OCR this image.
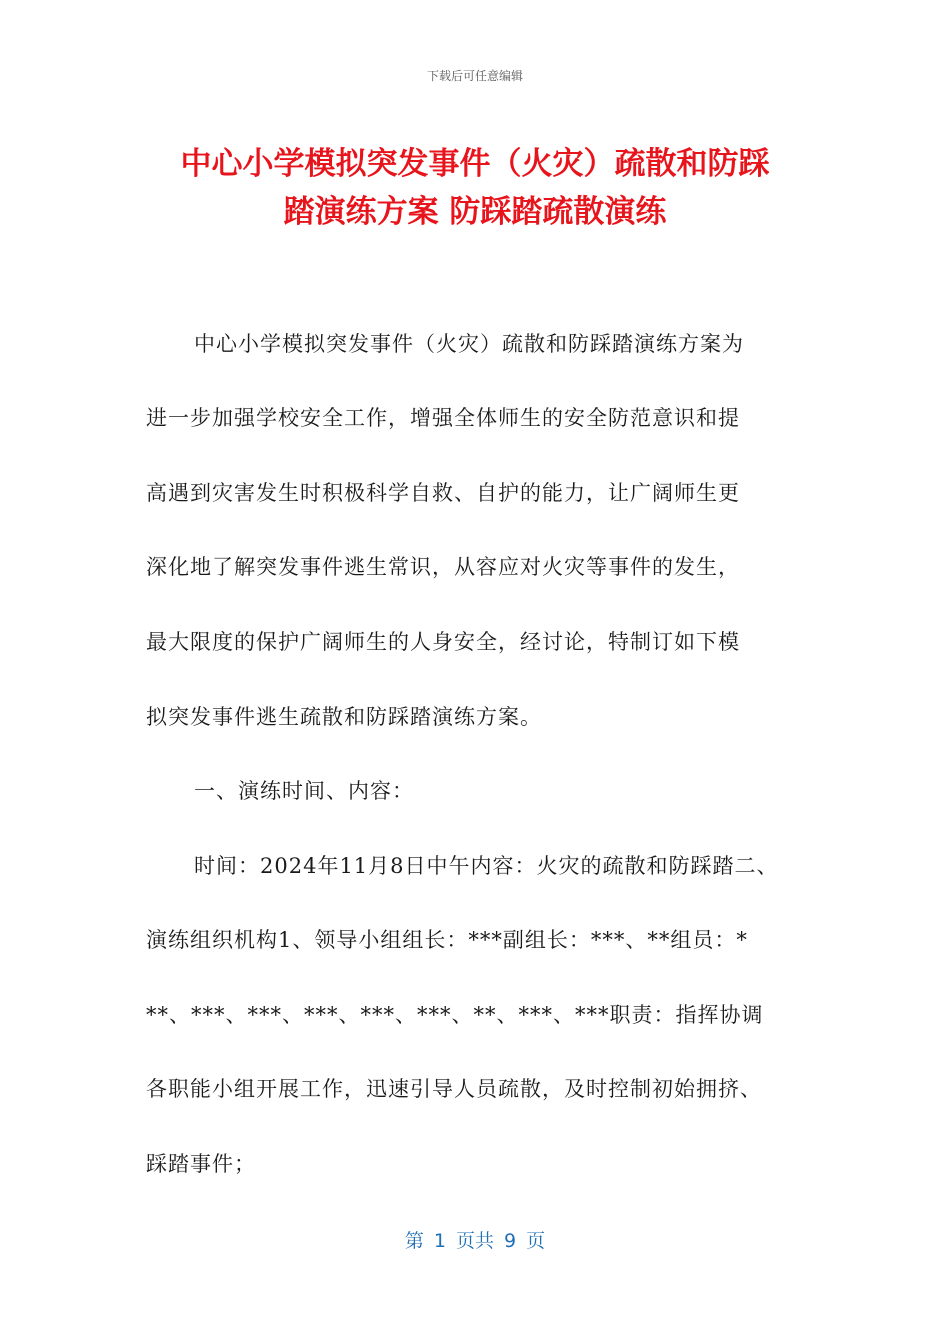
下载后可任意编辑
中心小学模拟突发事件（火灾）疏散和防踩
踏演练方案 防踩踏疏散演练
中心小学模拟突发事件（火灾）疏散和防踩踏演练方案为
进一步加强学校安全工作，增强全体师生的安全防范意识和提
高遇到灾害发生时积极科学自救、自护的能力，让广阔师生更
深化地了解突发事件逃生常识，从容应对火灾等事件的发生，
最大限度的保护广阔师生的人身安全，经讨论，特制订如下模
拟突发事件逃生疏散和防踩踏演练方案。
一、演练时间、内容：
时间：2024年11月8日中午内容：火灾的疏散和防踩踏二、
演练组织机构1、领导小组组长：***副组长：***、**组员：*
**、***、***、***、***、***、**、***、***职责：指挥协调
各职能小组开展工作，迅速引导人员疏散，及时控制初始拥挤、
踩踏事件；
第 1 页共 9 页
